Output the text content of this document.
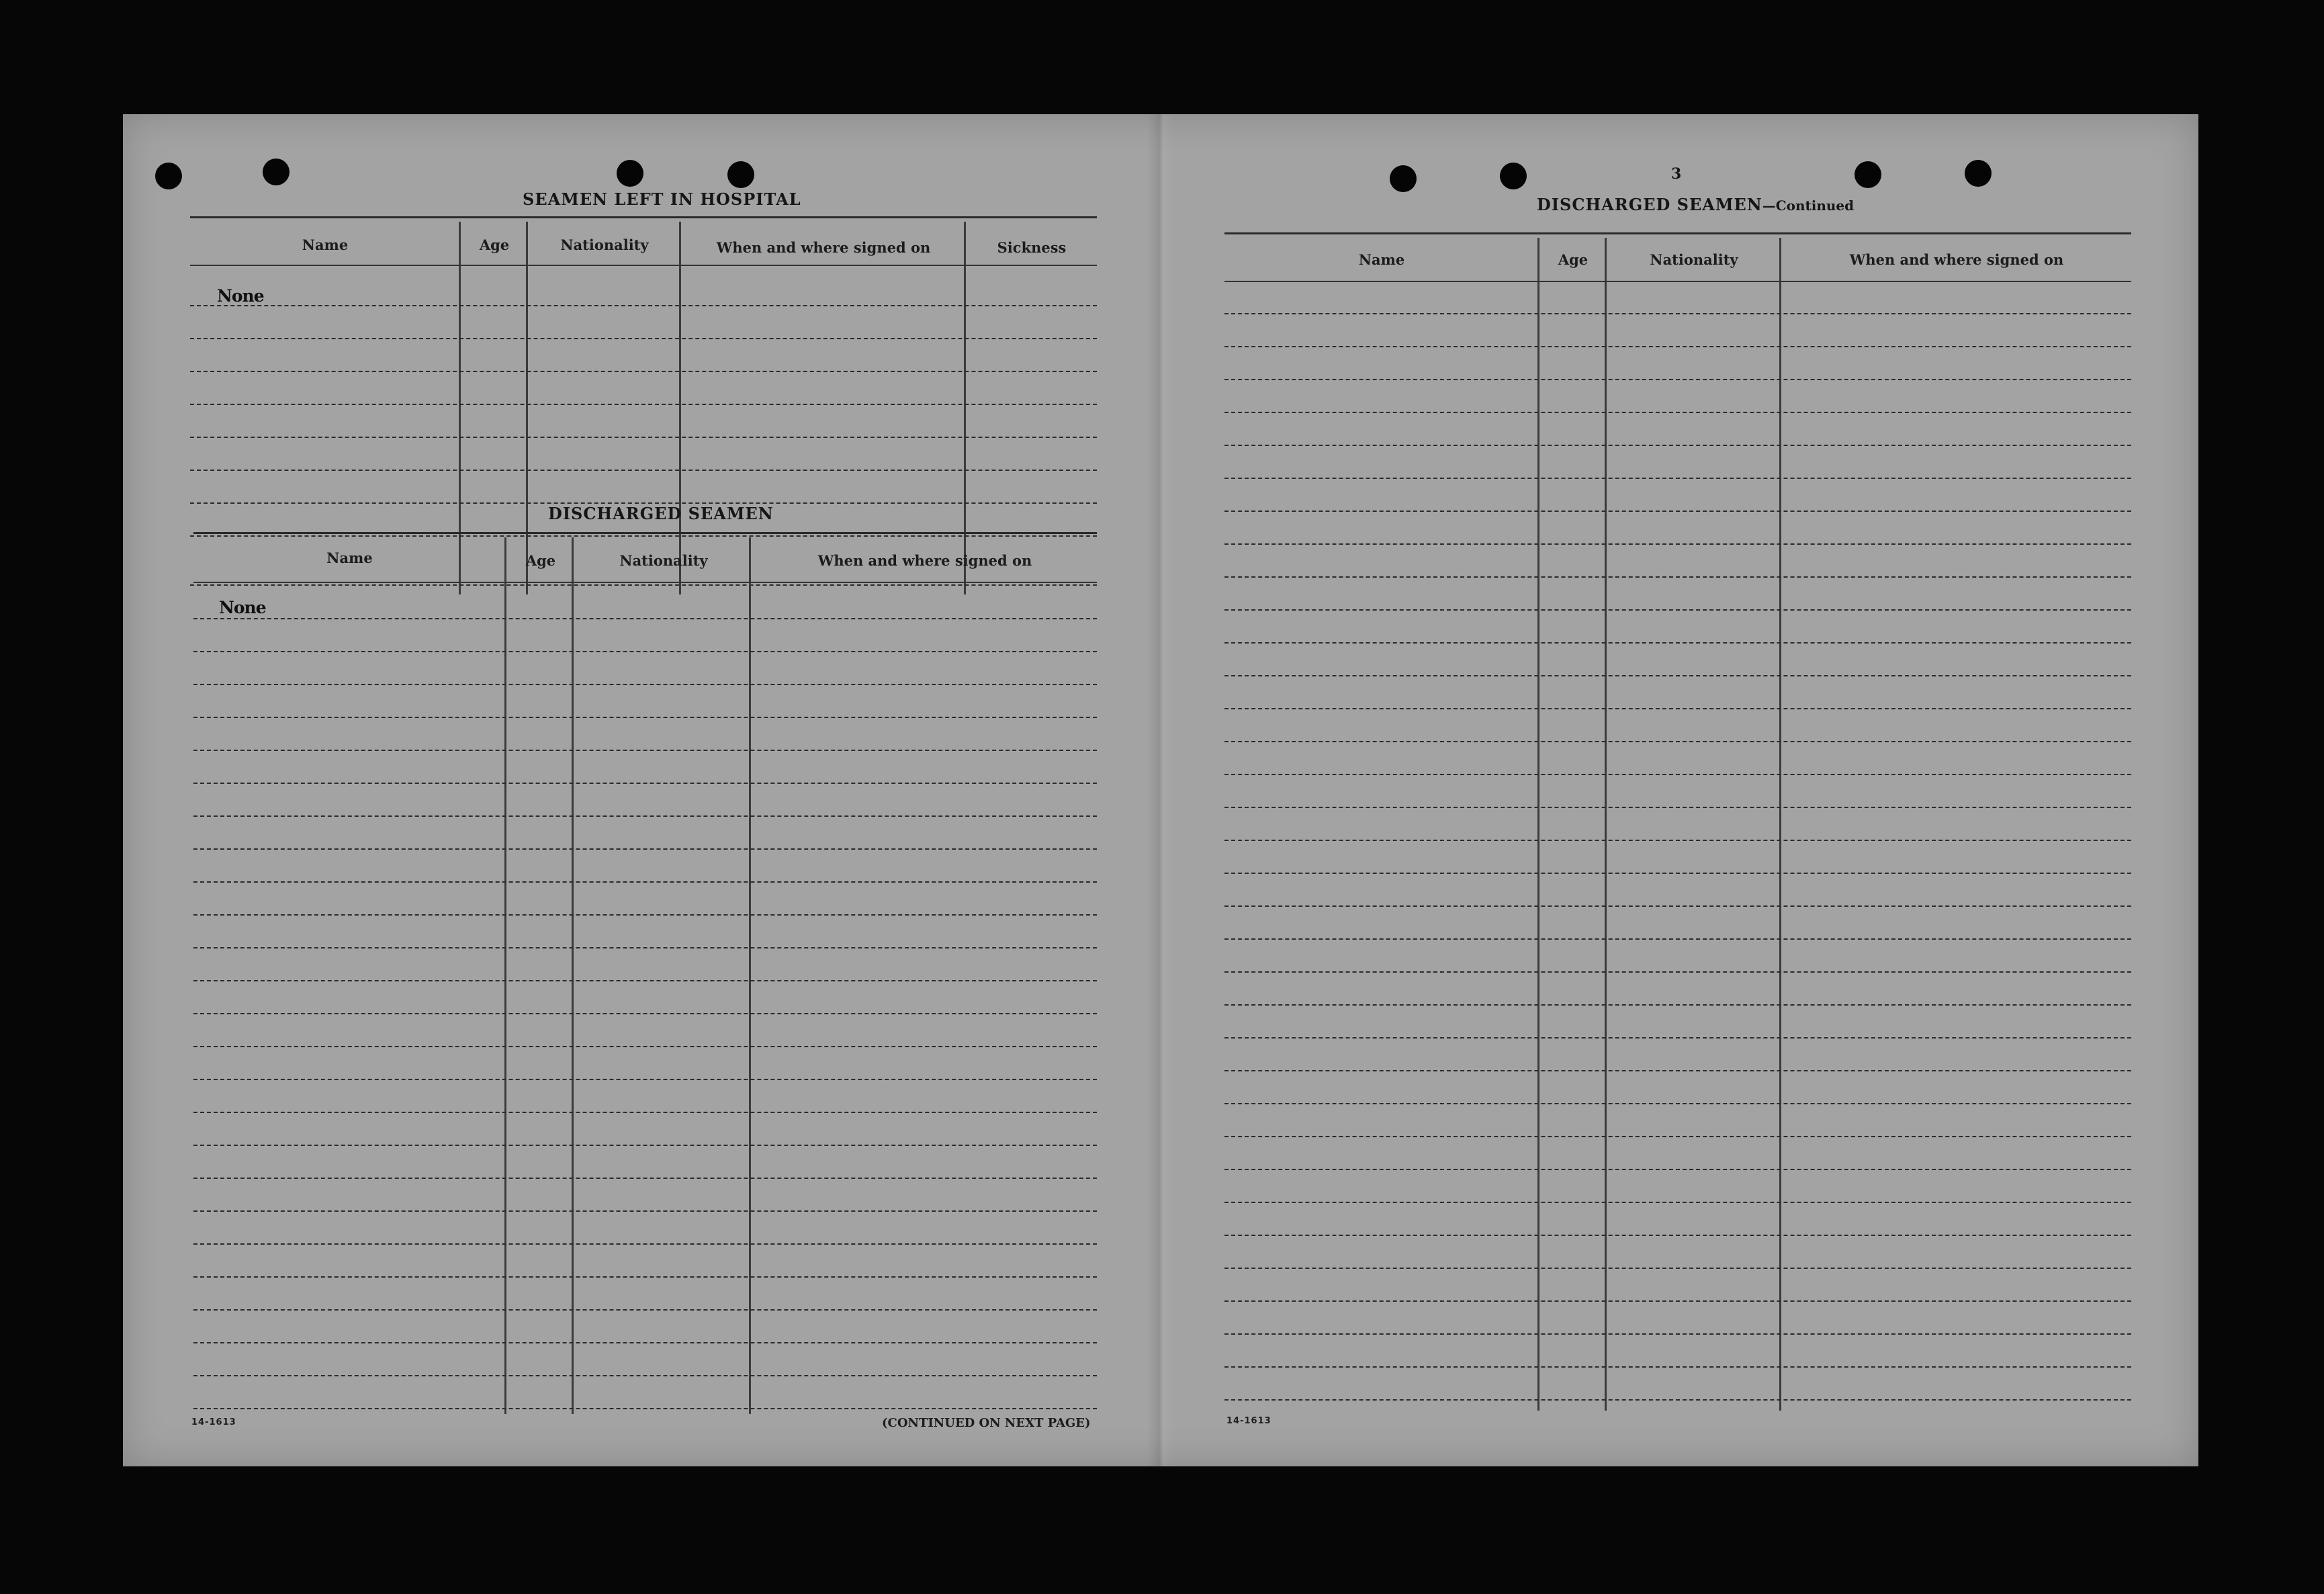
SEAMEN LEFT IN HOSPITAL
Name	Age	Nationality	When and where signed on	Sickness
None
DISCHARGED SEAMEN
Name	Age	Nationality	When and where signed on
None
14-1613	(CONTINUED ON NEXT PAGE)
3
DISCHARGED SEAMEN—Continued
Name	Age	Nationality	When and where signed on
14-1613
